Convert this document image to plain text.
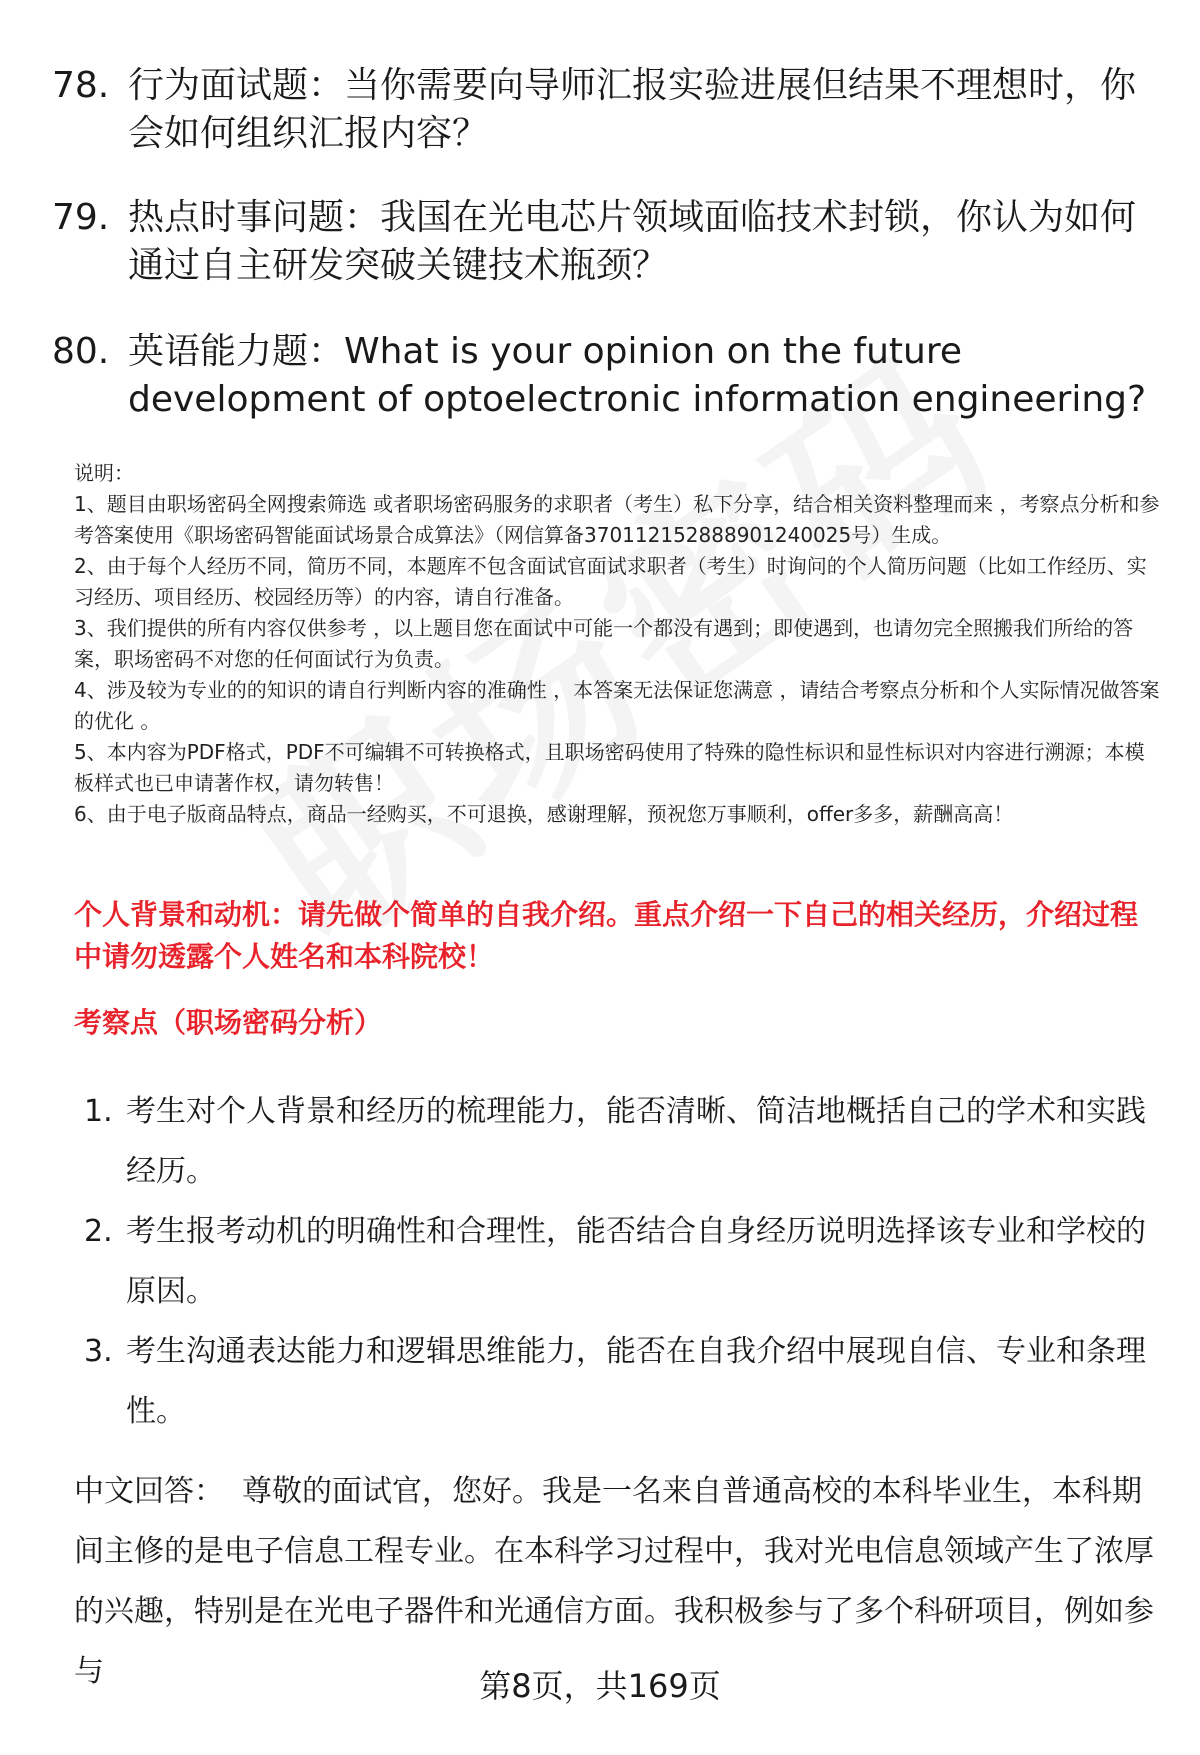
78. 行为面试题：当你需要向导师汇报实验进展但结果不理想时，你会如何组织汇报内容？
79. 热点时事问题：我国在光电芯片领域面临技术封锁，你认为如何通过自主研发突破关键技术瓶颈？
80. 英语能力题：What is your opinion on the future development of optoelectronic information engineering?

说明：

1、题目由职场密码全网搜索筛选 或者职场密码服务的求职者（考生）私下分享，结合相关资料整理而来 ，考察点分析和参考答案使用《职场密码智能面试场景合成算法》（网信算备370112152888901240025号）生成。

2、由于每个人经历不同，简历不同，本题库不包含面试官面试求职者（考生）时询问的个人简历问题（比如工作经历、实习经历、项目经历、校园经历等）的内容，请自行准备。

3、我们提供的所有内容仅供参考 ，以上题目您在面试中可能一个都没有遇到；即使遇到，也请勿完全照搬我们所给的答案，职场密码不对您的任何面试行为负责。

4、涉及较为专业的的知识的请自行判断内容的准确性 ，本答案无法保证您满意 ，请结合考察点分析和个人实际情况做答案的优化 。

5、本内容为PDF格式，PDF不可编辑不可转换格式，且职场密码使用了特殊的隐性标识和显性标识对内容进行溯源；本模板样式也已申请著作权，请勿转售！

6、由于电子版商品特点，商品一经购买，不可退换，感谢理解，预祝您万事顺利，offer多多，薪酬高高！

个人背景和动机：请先做个简单的自我介绍。重点介绍一下自己的相关经历，介绍过程中请勿透露个人姓名和本科院校！
考察点（职场密码分析）
1. 考生对个人背景和经历的梳理能力，能否清晰、简洁地概括自己的学术和实践经历。
2. 考生报考动机的明确性和合理性，能否结合自身经历说明选择该专业和学校的原因。
3. 考生沟通表达能力和逻辑思维能力，能否在自我介绍中展现自信、专业和条理性。
中文回答： 尊敬的面试官，您好。我是一名来自普通高校的本科毕业生，本科期间主修的是电子信息工程专业。在本科学习过程中，我对光电信息领域产生了浓厚的兴趣，特别是在光电子器件和光通信方面。我积极参与了多个科研项目，例如参与	第8页，共169页
